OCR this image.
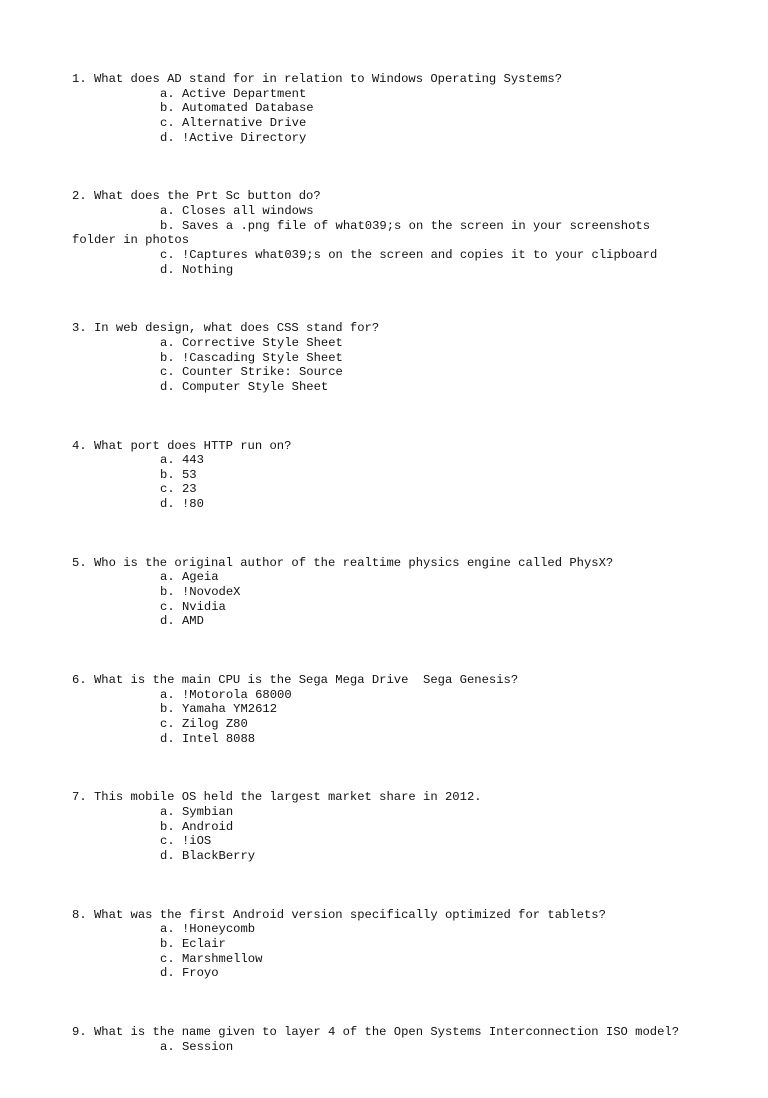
1. What does AD stand for in relation to Windows Operating Systems?
a. Active Department
b. Automated Database
c. Alternative Drive
d. !Active Directory
2. What does the Prt Sc button do?
a. Closes all windows
b. Saves a .png file of what039;s on the screen in your screenshots
folder in photos
c. !Captures what039;s on the screen and copies it to your clipboard
d. Nothing
3. In web design, what does CSS stand for?
a. Corrective Style Sheet
b. !Cascading Style Sheet
c. Counter Strike: Source
d. Computer Style Sheet
4. What port does HTTP run on?
a. 443
b. 53
c. 23
d. !80
5. Who is the original author of the realtime physics engine called PhysX?
a. Ageia
b. !NovodeX
c. Nvidia
d. AMD
6. What is the main CPU is the Sega Mega Drive  Sega Genesis?
a. !Motorola 68000
b. Yamaha YM2612
c. Zilog Z80
d. Intel 8088
7. This mobile OS held the largest market share in 2012.
a. Symbian
b. Android
c. !iOS
d. BlackBerry
8. What was the first Android version specifically optimized for tablets?
a. !Honeycomb
b. Eclair
c. Marshmellow
d. Froyo
9. What is the name given to layer 4 of the Open Systems Interconnection ISO model?
a. Session
